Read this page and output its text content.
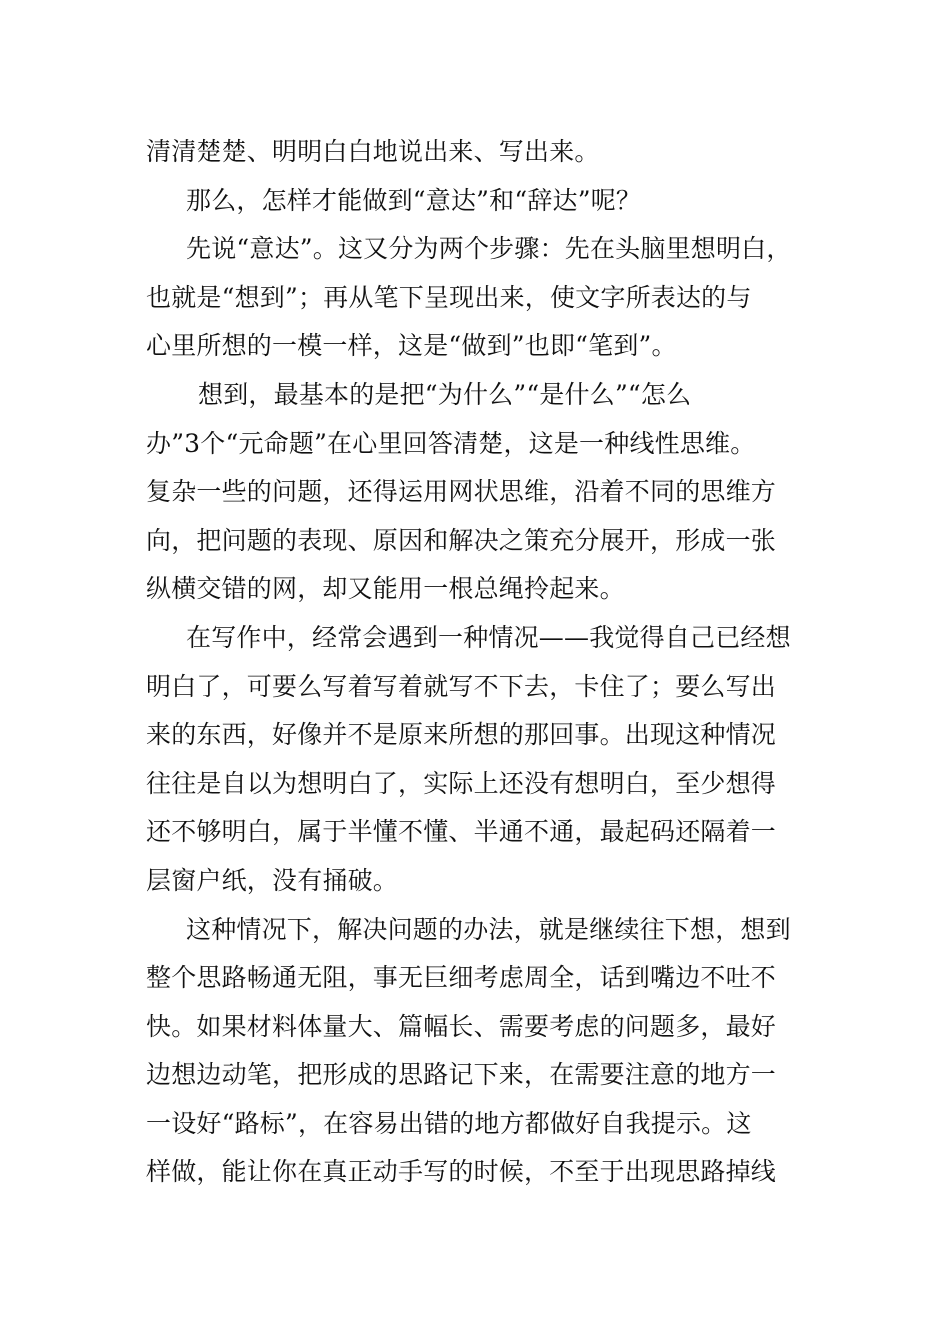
清清楚楚、明明白白地说出来、写出来。
那么，怎样才能做到“意达”和“辞达”呢？
先说“意达”。这又分为两个步骤：先在头脑里想明白，
也就是“想到”；再从笔下呈现出来，使文字所表达的与
心里所想的一模一样，这是“做到”也即“笔到”。
想到，最基本的是把“为什么”“是什么”“怎么
办”3个“元命题”在心里回答清楚，这是一种线性思维。
复杂一些的问题，还得运用网状思维，沿着不同的思维方
向，把问题的表现、原因和解决之策充分展开，形成一张
纵横交错的网，却又能用一根总绳拎起来。
在写作中，经常会遇到一种情况——我觉得自己已经想
明白了，可要么写着写着就写不下去，卡住了；要么写出
来的东西，好像并不是原来所想的那回事。出现这种情况
往往是自以为想明白了，实际上还没有想明白，至少想得
还不够明白，属于半懂不懂、半通不通，最起码还隔着一
层窗户纸，没有捅破。
这种情况下，解决问题的办法，就是继续往下想，想到
整个思路畅通无阻，事无巨细考虑周全，话到嘴边不吐不
快。如果材料体量大、篇幅长、需要考虑的问题多，最好
边想边动笔，把形成的思路记下来，在需要注意的地方一
一设好“路标”，在容易出错的地方都做好自我提示。这
样做，能让你在真正动手写的时候，不至于出现思路掉线
